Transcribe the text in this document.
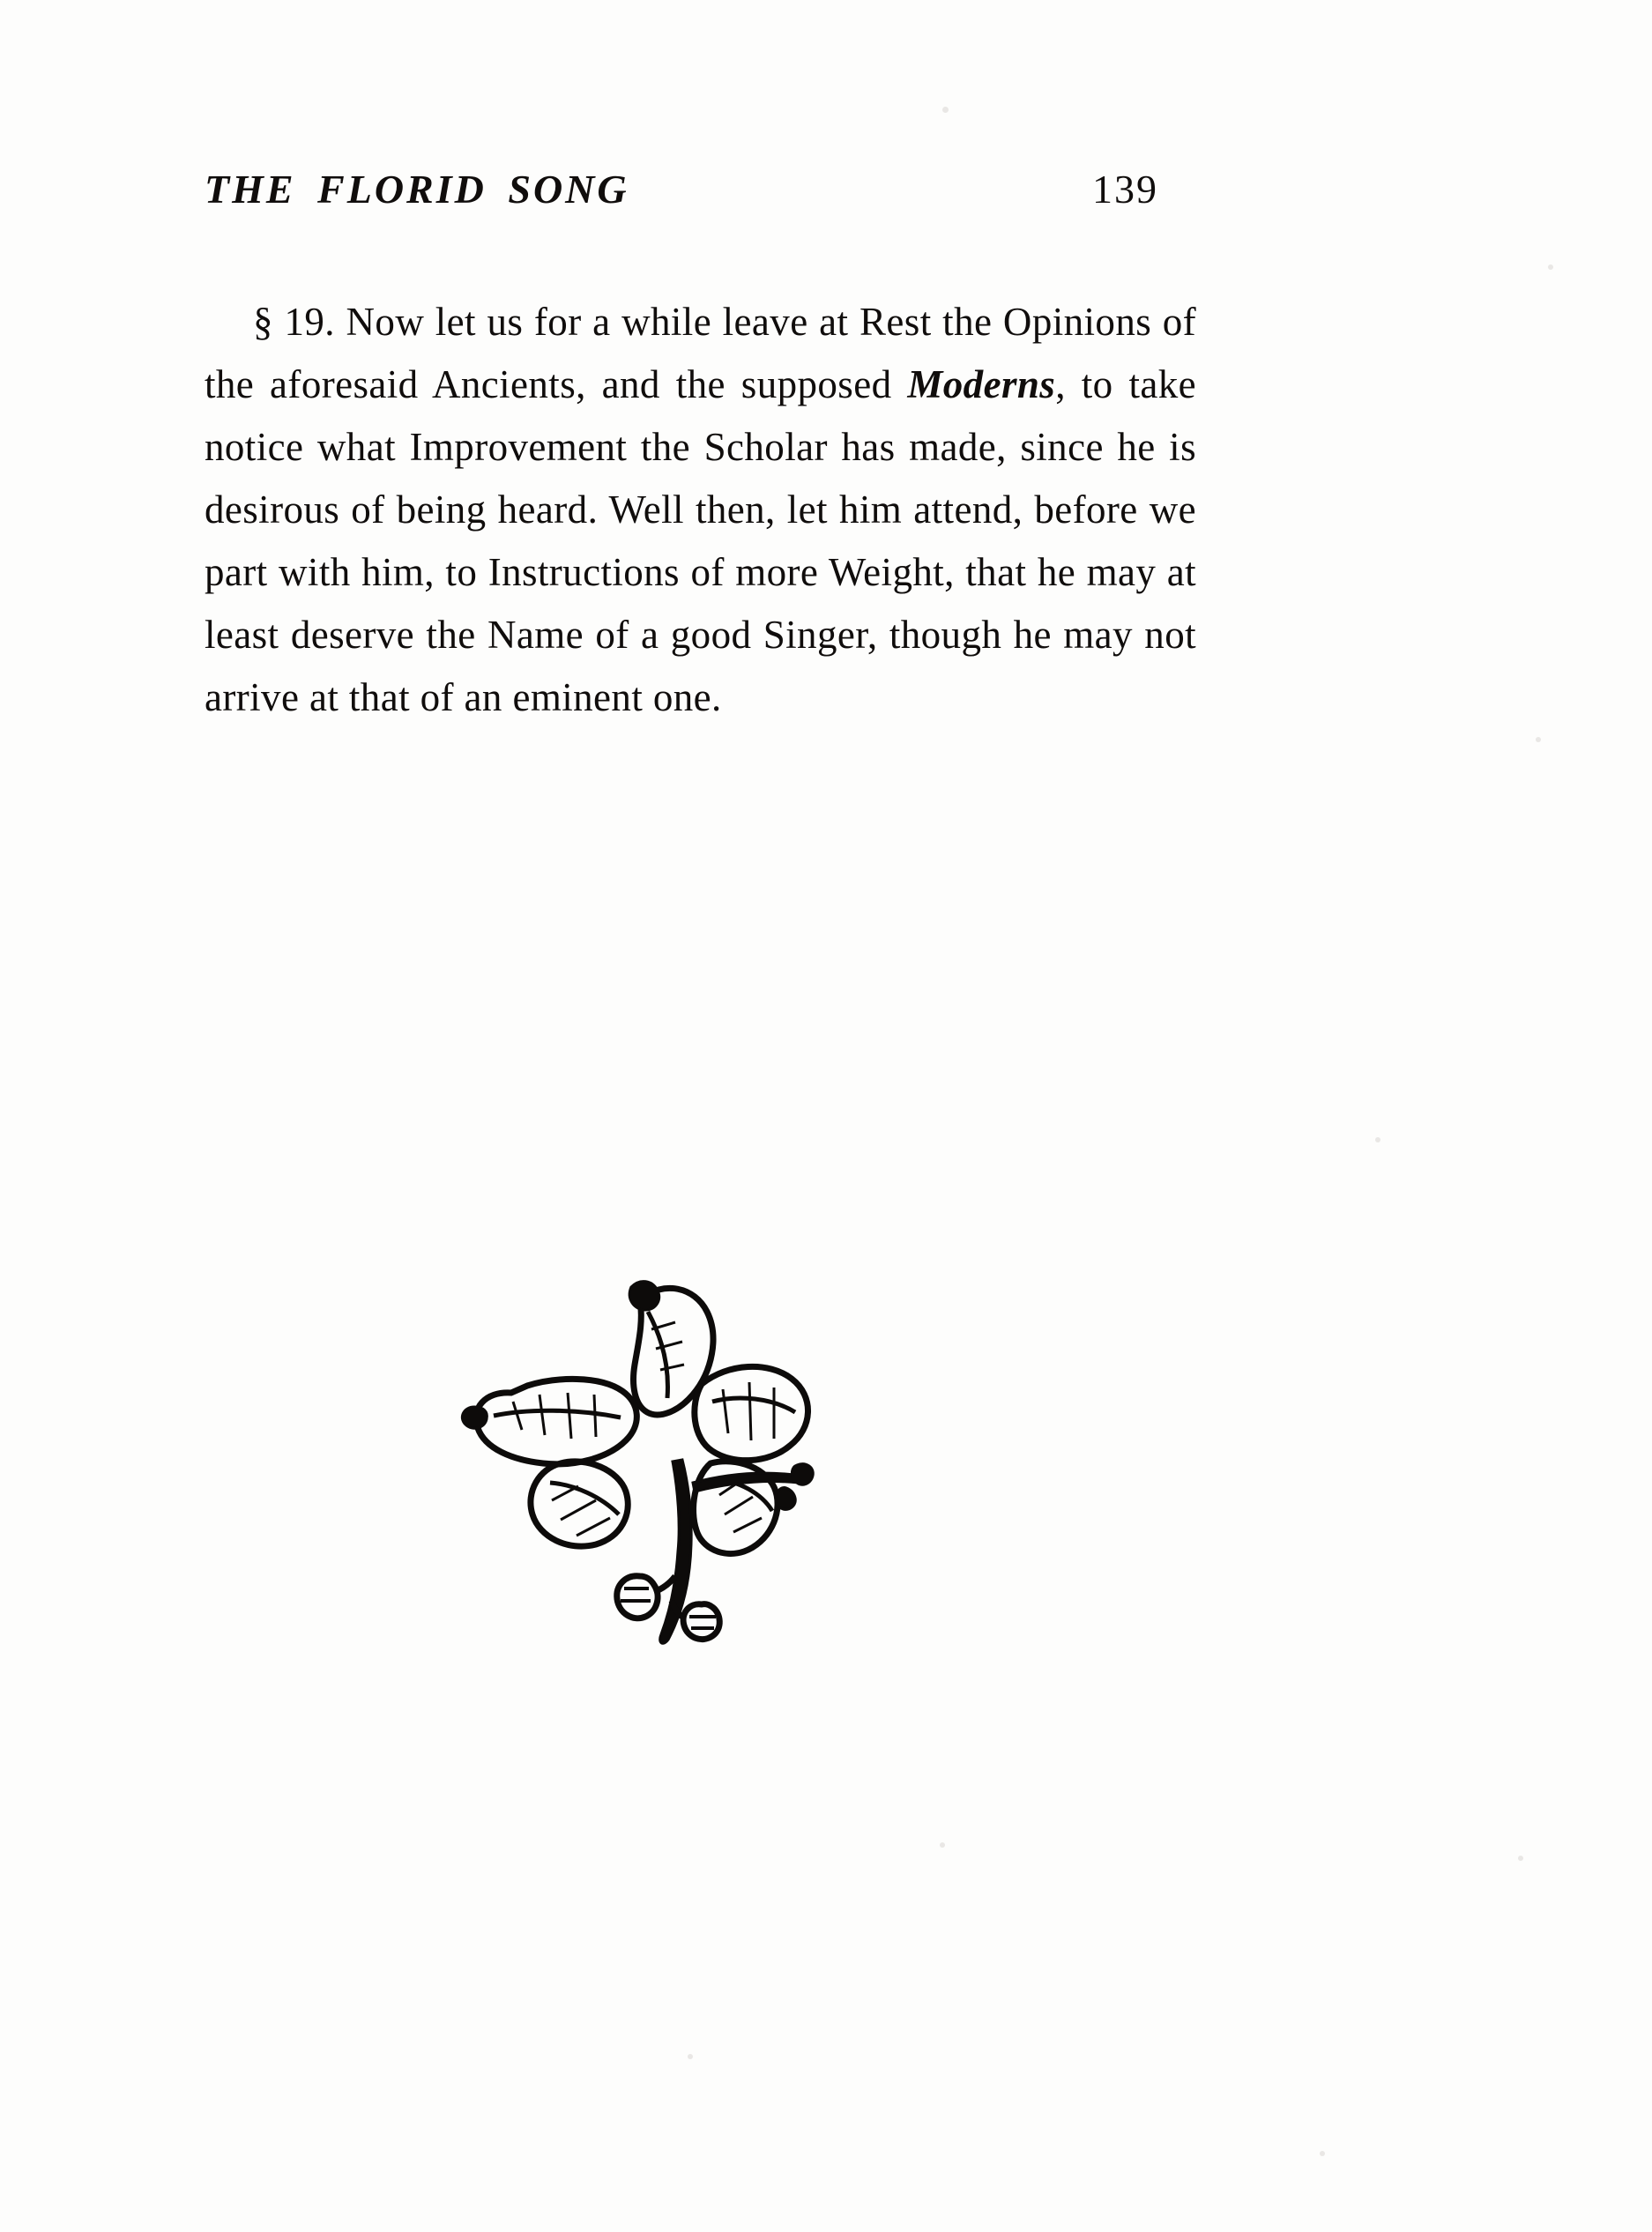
THE FLORID SONG	139

§ 19. Now let us for a while leave at Rest the Opinions of the aforesaid Ancients, and the supposed Moderns, to take notice what Improvement the Scholar has made, since he is desirous of being heard. Well then, let him attend, before we part with him, to Instructions of more Weight, that he may at least deserve the Name of a good Singer, though he may not arrive at that of an eminent one.
